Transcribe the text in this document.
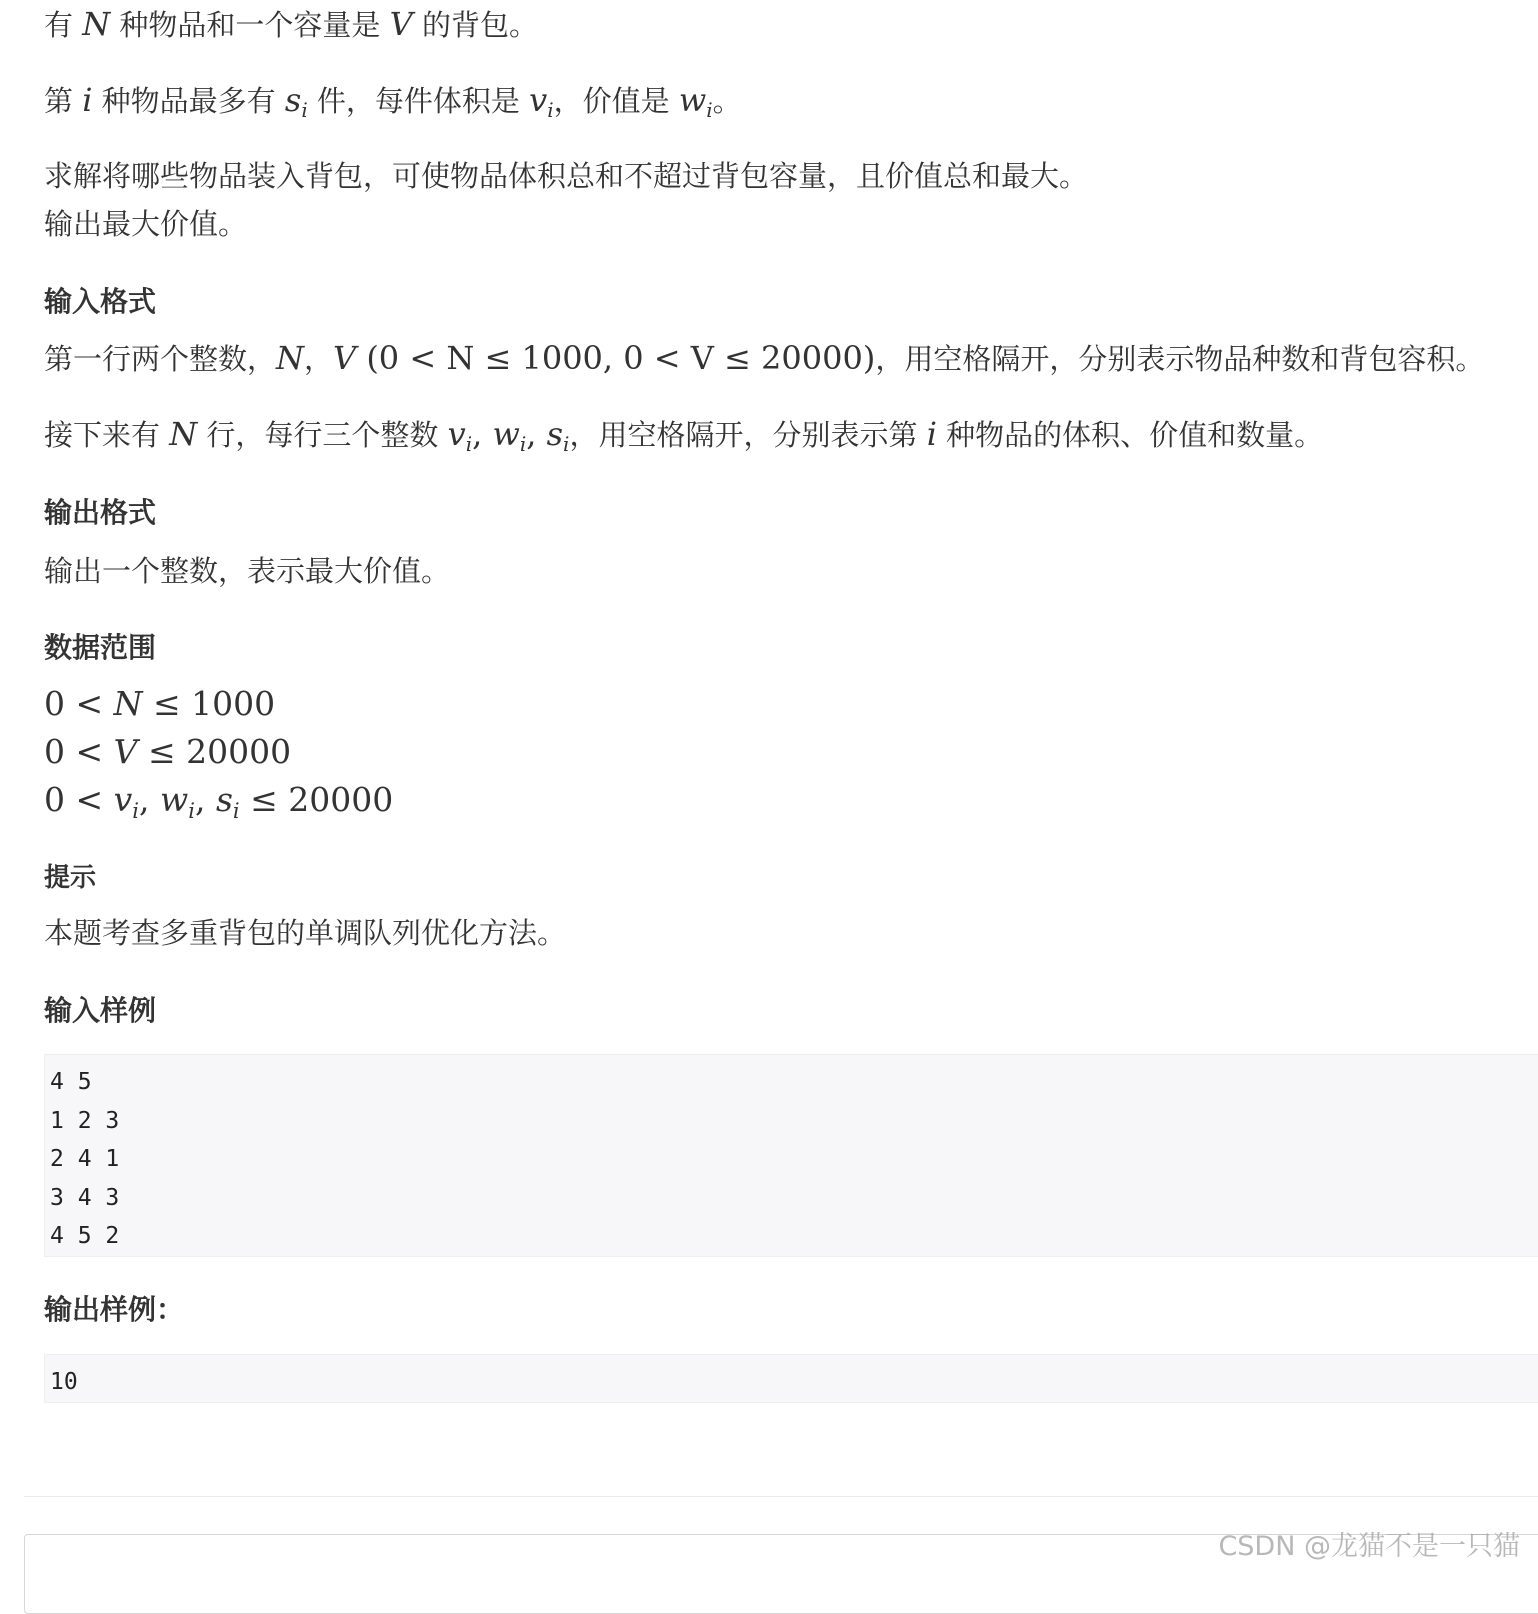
有 N 种物品和一个容量是 V 的背包。

第 i 种物品最多有 $s_i$ 件，每件体积是 $v_i$，价值是 $w_i$。

求解将哪些物品装入背包，可使物品体积总和不超过背包容量，且价值总和最大。

输出最大价值。

输入格式

第一行两个整数，N，V (0 < N ≤ 1000, 0 < V ≤ 20000)，用空格隔开，分别表示物品种数和背包容积。

接下来有 N 行，每行三个整数 $v_i$, $w_i$, $s_i$，用空格隔开，分别表示第 i 种物品的体积、价值和数量。

输出格式

输出一个整数，表示最大价值。

数据范围
0 < N ≤ 1000
0 < V ≤ 20000
$0 < v_i$, $w_i$, $s_i \le 20000$
提示

本题考查多重背包的单调队列优化方法。

输入样例
4 5
1 2 3
2 4 1
3 4 3
4 5 2
输出样例：
10
CSDN @龙猫不是一只猫
